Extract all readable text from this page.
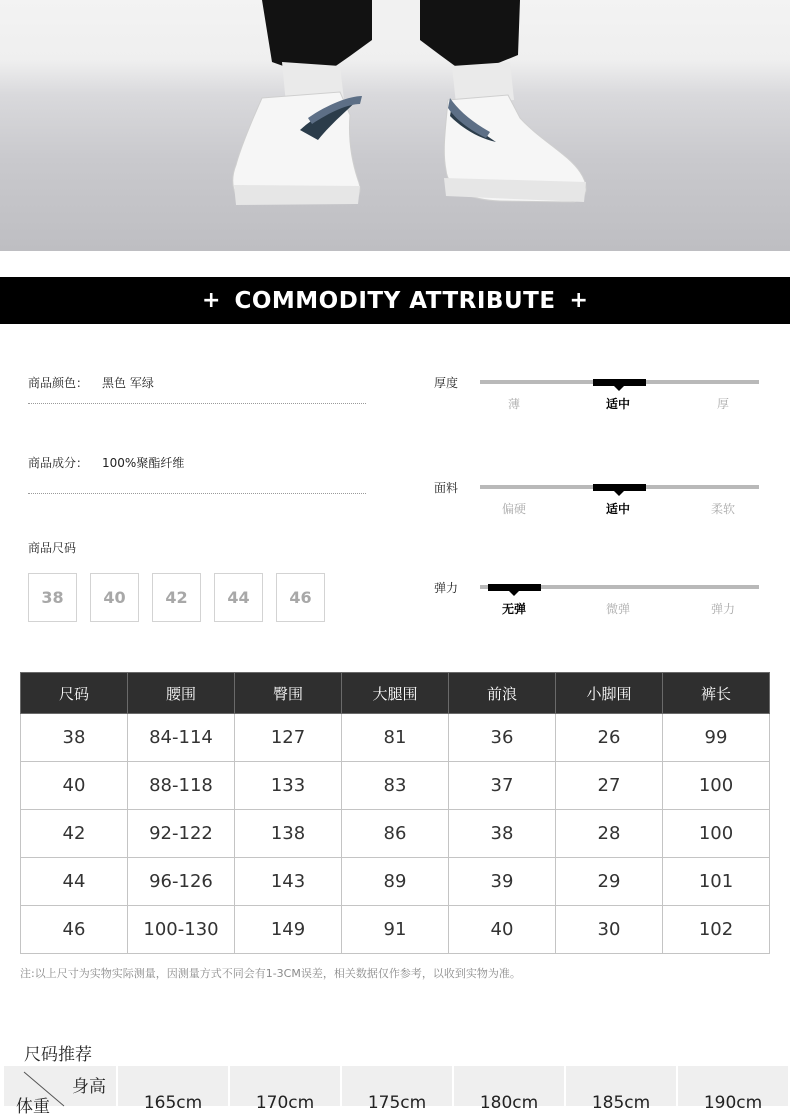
+ COMMODITY ATTRIBUTE +
商品颜色： 黑色 军绿
商品成分： 100%聚酯纤维
商品尺码
38	40	42	44	46
厚度
薄	适中	厚
面料
偏硬	适中	柔软
弹力
无弹	微弹	弹力
尺码	腰围	臀围	大腿围	前浪	小脚围	裤长
38	84-114	127	81	36	26	99
40	88-118	133	83	37	27	100
42	92-122	138	86	38	28	100
44	96-126	143	89	39	29	101
46	100-130	149	91	40	30	102
注:以上尺寸为实物实际测量，因测量方式不同会有1-3CM误差，相关数据仅作参考，以收到实物为准。
尺码推荐
身高
体重	165cm	170cm	175cm	180cm	185cm	190cm
